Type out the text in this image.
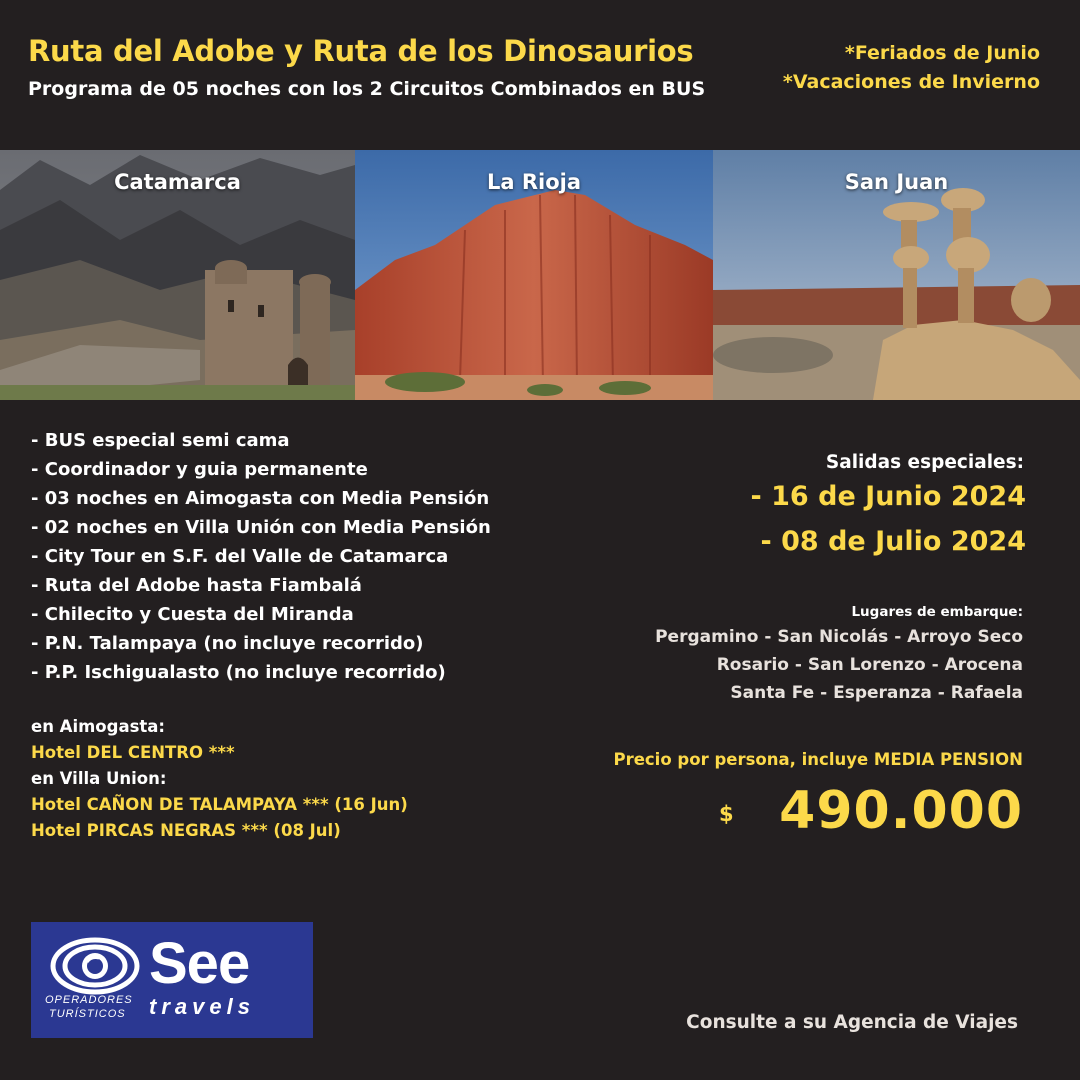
Ruta del Adobe y Ruta de los Dinosaurios
Programa de 05 noches con los 2 Circuitos Combinados en BUS
*Feriados de Junio
*Vacaciones de Invierno
Catamarca	La Rioja	San Juan
- BUS especial semi cama
- Coordinador y guia permanente
- 03 noches en Aimogasta con Media Pensión
- 02 noches en Villa Unión con Media Pensión
- City Tour en S.F. del Valle de Catamarca
- Ruta del Adobe hasta Fiambalá
- Chilecito y Cuesta del Miranda
- P.N. Talampaya (no incluye recorrido)
- P.P. Ischigualasto (no incluye recorrido)
en Aimogasta:
Hotel DEL CENTRO ***
en Villa Union:
Hotel CAÑON DE TALAMPAYA *** (16 Jun)
Hotel PIRCAS NEGRAS *** (08 Jul)
Salidas especiales:
- 16 de Junio 2024
- 08 de Julio 2024
Lugares de embarque:
Pergamino - San Nicolás - Arroyo Seco
Rosario - San Lorenzo - Arocena
Santa Fe - Esperanza - Rafaela
Precio por persona, incluye MEDIA PENSION
$ 490.000
See
travels
OPERADORES
TURÍSTICOS	Consulte a su Agencia de Viajes
